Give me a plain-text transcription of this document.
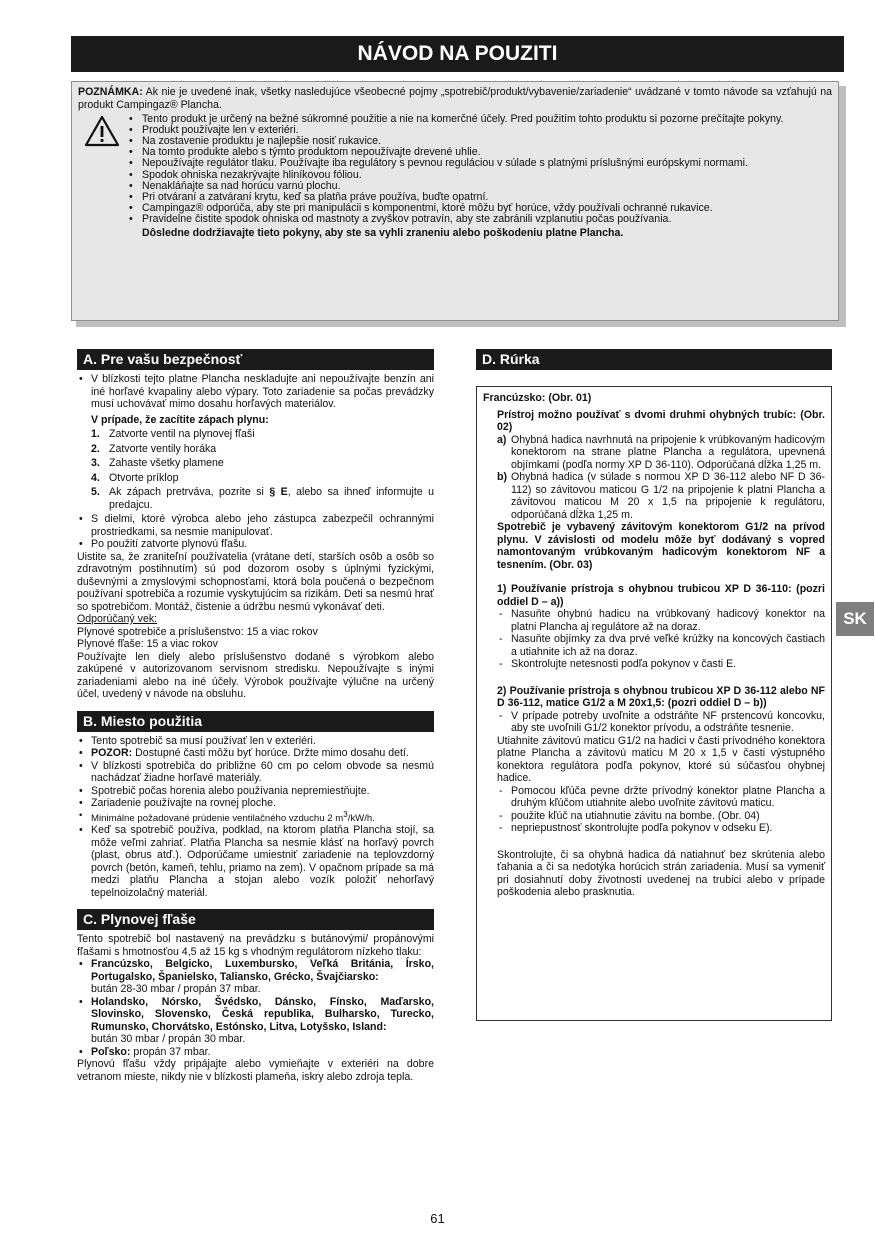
NÁVOD NA POUZITI

POZNÁMKA: Ak nie je uvedené inak, všetky nasledujúce všeobecné pojmy „spotrebič/produkt/vybavenie/zariadenie“ uvádzané v tomto návode sa vzťahujú na produkt Campingaz® Plancha.

• Tento produkt je určený na bežné súkromné použitie a nie na komerčné účely. Pred použitím tohto produktu si pozorne prečítajte pokyny.
• Produkt používajte len v exteriéri.
• Na zostavenie produktu je najlepšie nosiť rukavice.
• Na tomto produkte alebo s týmto produktom nepoužívajte drevené uhlie.
• Nepoužívajte regulátor tlaku. Používajte iba regulátory s pevnou reguláciou v súlade s platnými príslušnými európskymi normami.
• Spodok ohniska nezakrývajte hliníkovou fóliou.
• Nenakláňajte sa nad horúcu varnú plochu.
• Pri otváraní a zatváraní krytu, keď sa platňa práve používa, buďte opatrní.
• Campingaz® odporúča, aby ste pri manipulácii s komponentmi, ktoré môžu byť horúce, vždy používali ochranné rukavice.
• Pravidelne čistite spodok ohniska od mastnoty a zvyškov potravín, aby ste zabránili vzplanutiu počas používania.

Dôsledne dodržiavajte tieto pokyny, aby ste sa vyhli zraneniu alebo poškodeniu platne Plancha.

A. Pre vašu bezpečnosť
• V blízkosti tejto platne Plancha neskladujte ani nepoužívajte benzín ani iné horľavé kvapaliny alebo výpary. Toto zariadenie sa počas prevádzky musí uchovávať mimo dosahu horľavých materiálov.

V prípade, že zacítite zápach plynu:

1. Zatvorte ventil na plynovej fľaši
2. Zatvorte ventily horáka
3. Zahaste všetky plamene
4. Otvorte príklop
5. Ak zápach pretrváva, pozrite si § E, alebo sa ihneď informujte u predajcu.
• S dielmi, ktoré výrobca alebo jeho zástupca zabezpečil ochrannými prostriedkami, sa nesmie manipulovať.
• Po použití zatvorte plynovú fľašu.

Uistite sa, že zraniteľní používatelia (vrátane detí, starších osôb a osôb so zdravotným postihnutím) sú pod dozorom osoby s úplnými fyzickými, duševnými a zmyslovými schopnosťami, ktorá bola poučená o bezpečnom používaní spotrebiča a rozumie vyskytujúcim sa rizikám. Deti sa nesmú hrať so spotrebičom. Montáž, čistenie a údržbu nesmú vykonávať deti.

Odporúčaný vek:

Plynové spotrebiče a príslušenstvo: 15 a viac rokov

Plynové fľaše: 15 a viac rokov

Používajte len diely alebo príslušenstvo dodané s výrobkom alebo zakúpené v autorizovanom servisnom stredisku. Nepoužívajte s inými zariadeniami alebo na iné účely. Výrobok používajte výlučne na určený účel, uvedený v návode na obsluhu.

B. Miesto použitia
• Tento spotrebič sa musí používať len v exteriéri.
• POZOR: Dostupné časti môžu byť horúce. Držte mimo dosahu detí.
• V blízkosti spotrebiča do približne 60 cm po celom obvode sa nesmú nachádzať žiadne horľavé materiály.
• Spotrebič počas horenia alebo používania nepremiestňujte.
• Zariadenie používajte na rovnej ploche.
• Minimálne požadované prúdenie ventilačného vzduchu 2 $m^3/kW/h$.
• Keď sa spotrebič používa, podklad, na ktorom platňa Plancha stojí, sa môže veľmi zahriať. Platňa Plancha sa nesmie klásť na horľavý povrch (plast, obrus atď.). Odporúčame umiestniť zariadenie na teplovzdorný povrch (betón, kameň, tehlu, priamo na zem). V opačnom prípade sa má medzi platňu Plancha a stojan alebo vozík položiť nehorľavý tepelnoizolačný materiál.
C. Plynovej fľaše

Tento spotrebič bol nastavený na prevádzku s butánovými/ propánovými fľašami s hmotnosťou 4,5 až 15 kg s vhodným regulátorom nízkeho tlaku:

• Francúzsko, Belgicko, Luxembursko, Veľká Británia, Írsko, Portugalsko, Španielsko, Taliansko, Grécko, Švajčiarsko:
bután 28-30 mbar / propán 37 mbar.
• Holandsko, Nórsko, Švédsko, Dánsko, Fínsko, Maďarsko, Slovinsko, Slovensko, Česká republika, Bulharsko, Turecko, Rumunsko, Chorvátsko, Estónsko, Litva, Lotyšsko, Island:
bután 30 mbar / propán 30 mbar.
• Poľsko: propán 37 mbar.

Plynovú fľašu vždy pripájajte alebo vymieňajte v exteriéri na dobre vetranom mieste, nikdy nie v blízkosti plameňa, iskry alebo zdroja tepla.

D. Rúrka

Francúzsko: (Obr. 01)

Prístroj možno používať s dvomi druhmi ohybných trubíc: (Obr. 02)

a) Ohybná hadica navrhnutá na pripojenie k vrúbkovaným hadicovým konektorom na strane platne Plancha a regulátora, upevnená objímkami (podľa normy XP D 36-110). Odporúčaná dĺžka 1,25 m.
b) Ohybná hadica (v súlade s normou XP D 36-112 alebo NF D 36-112) so závitovou maticou G 1/2 na pripojenie k platni Plancha a závitovou maticou M 20 x 1,5 na pripojenie k regulátoru, odporúčaná dĺžka 1,25 m.

Spotrebič je vybavený závitovým konektorom G1/2 na prívod plynu. V závislosti od modelu môže byť dodávaný s vopred namontovaným vrúbkovaným hadicovým konektorom NF a tesnením. (Obr. 03)

1) Používanie prístroja s ohybnou trubicou XP D 36-110: (pozri oddiel D – a))

- Nasuňte ohybnú hadicu na vrúbkovaný hadicový konektor na platni Plancha aj regulátore až na doraz.
- Nasuňte objímky za dva prvé veľké krúžky na koncových častiach a utiahnite ich až na doraz.
- Skontrolujte netesnosti podľa pokynov v časti E.

2) Používanie prístroja s ohybnou trubicou XP D 36-112 alebo NF D 36-112, matice G1/2 a M 20x1,5: (pozri oddiel D – b))

- V prípade potreby uvoľnite a odstráňte NF prstencovú koncovku, aby ste uvoľnili G1/2 konektor prívodu, a odstráňte tesnenie.

Utiahnite závitovú maticu G1/2 na hadici v časti prívodného konektora platne Plancha a závitovú maticu M 20 x 1,5 v časti výstupného konektora regulátora podľa pokynov, ktoré sú súčasťou ohybnej hadice.

- Pomocou kľúča pevne držte prívodný konektor platne Plancha a druhým kľúčom utiahnite alebo uvoľnite závitovú maticu.
- použite kľúč na utiahnutie závitu na bombe. (Obr. 04)
- nepriepustnosť skontrolujte podľa pokynov v odseku E).

Skontrolujte, či sa ohybná hadica dá natiahnuť bez skrútenia alebo ťahania a či sa nedotýka horúcich strán zariadenia. Musí sa vymeniť pri dosiahnutí doby životnosti uvedenej na trubici alebo v prípade poškodenia alebo prasknutia.

SK
61
